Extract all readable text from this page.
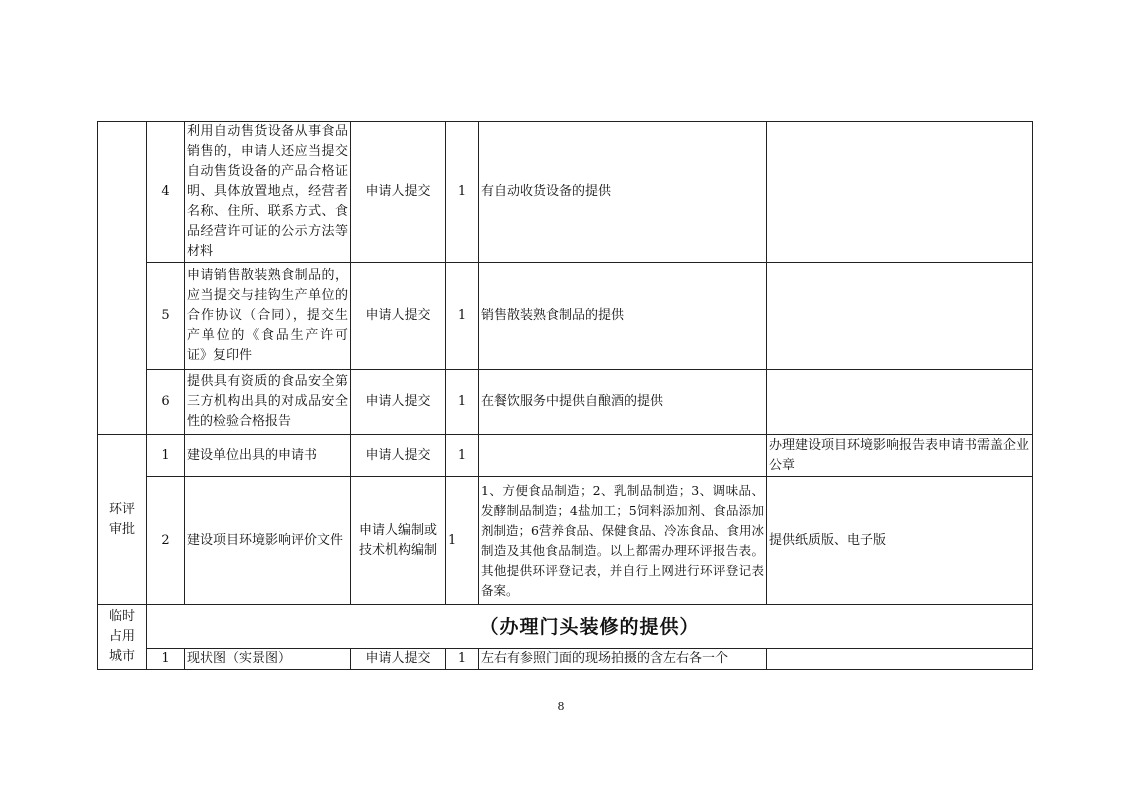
	4	利用自动售货设备从事食品销售的，申请人还应当提交自动售货设备的产品合格证明、具体放置地点，经营者名称、住所、联系方式、食品经营许可证的公示方法等材料	申请人提交	1	有自动收货设备的提供	
	5	申请销售散装熟食制品的，应当提交与挂钩生产单位的合作协议（合同），提交生产单位的《食品生产许可证》复印件	申请人提交	1	销售散装熟食制品的提供	
	6	提供具有资质的食品安全第三方机构出具的对成品安全性的检验合格报告	申请人提交	1	在餐饮服务中提供自酿酒的提供	

环评
审批	1	建设单位出具的申请书	申请人提交	1		办理建设项目环境影响报告表申请书需盖企业公章
	2	建设项目环境影响评价文件	申请人编制或技术机构编制	1	1、方便食品制造；2、乳制品制造；3、调味品、发酵制品制造；4盐加工；5饲料添加剂、食品添加剂制造；6营养食品、保健食品、冷冻食品、食用冰制造及其他食品制造。以上都需办理环评报告表。其他提供环评登记表，并自行上网进行环评登记表备案。	提供纸质版、电子版

临时
占用
城市	（办理门头装修的提供）					
	1	现状图（实景图）	申请人提交	1	左右有参照门面的现场拍摄的含左右各一个	
8
